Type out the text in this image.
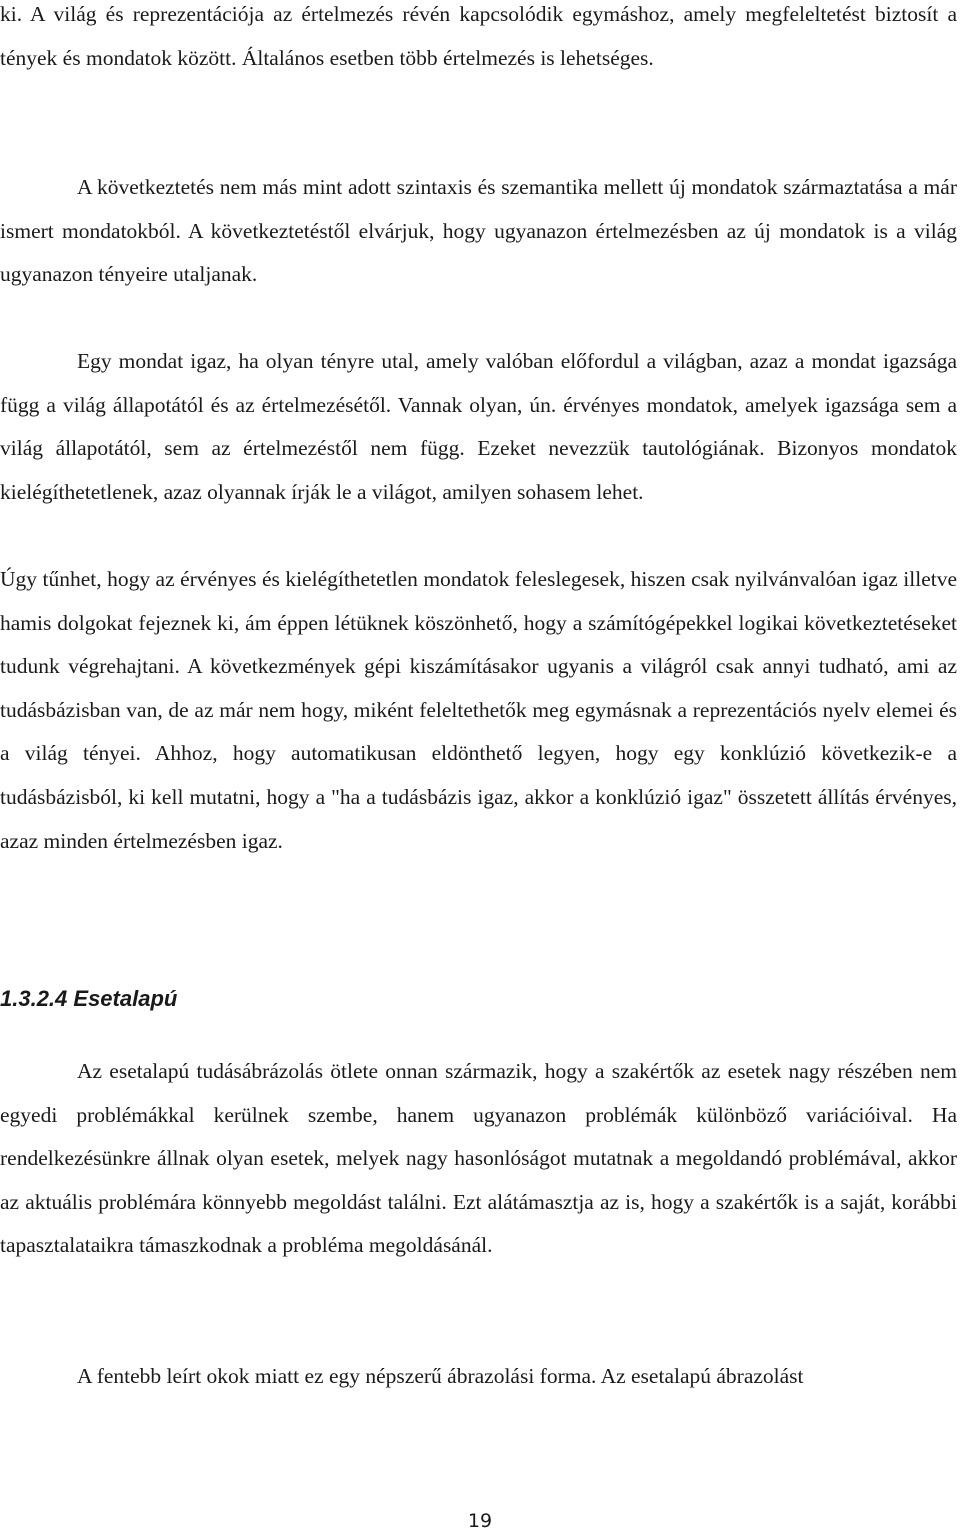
ki. A világ és reprezentációja az értelmezés révén kapcsolódik egymáshoz, amely megfeleltetést biztosít a tények és mondatok között. Általános esetben több értelmezés is lehetséges.

A következtetés nem más mint adott szintaxis és szemantika mellett új mondatok származtatása a már ismert mondatokból. A következtetéstől elvárjuk, hogy ugyanazon értelmezésben az új mondatok is a világ ugyanazon tényeire utaljanak.

Egy mondat igaz, ha olyan tényre utal, amely valóban előfordul a világban, azaz a mondat igazsága függ a világ állapotától és az értelmezésétől. Vannak olyan, ún. érvényes mondatok, amelyek igazsága sem a világ állapotától, sem az értelmezéstől nem függ. Ezeket nevezzük tautológiának. Bizonyos mondatok kielégíthetetlenek, azaz olyannak írják le a világot, amilyen sohasem lehet.

Úgy tűnhet, hogy az érvényes és kielégíthetetlen mondatok feleslegesek, hiszen csak nyilvánvalóan igaz illetve hamis dolgokat fejeznek ki, ám éppen létüknek köszönhető, hogy a számítógépekkel logikai következtetéseket tudunk végrehajtani. A következmények gépi kiszámításakor ugyanis a világról csak annyi tudható, ami az tudásbázisban van, de az már nem hogy, miként feleltethetők meg egymásnak a reprezentációs nyelv elemei és a világ tényei. Ahhoz, hogy automatikusan eldönthető legyen, hogy egy konklúzió következik-e a tudásbázisból, ki kell mutatni, hogy a "ha a tudásbázis igaz, akkor a konklúzió igaz" összetett állítás érvényes, azaz minden értelmezésben igaz.

1.3.2.4 Esetalapú

Az esetalapú tudásábrázolás ötlete onnan származik, hogy a szakértők az esetek nagy részében nem egyedi problémákkal kerülnek szembe, hanem ugyanazon problémák különböző variációival. Ha rendelkezésünkre állnak olyan esetek, melyek nagy hasonlóságot mutatnak a megoldandó problémával, akkor az aktuális problémára könnyebb megoldást találni. Ezt alátámasztja az is, hogy a szakértők is a saját, korábbi tapasztalataikra támaszkodnak a probléma megoldásánál.

A fentebb leírt okok miatt ez egy népszerű ábrazolási forma. Az esetalapú ábrazolást

19
